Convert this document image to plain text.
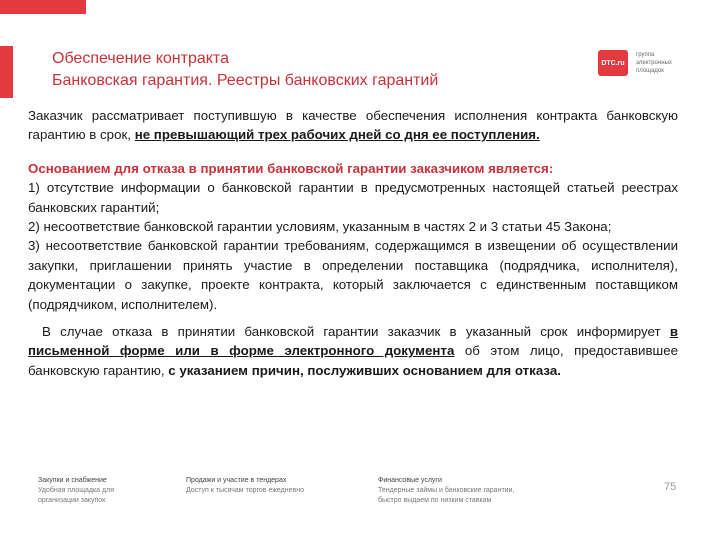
Обеспечение контракта
Банковская гарантия. Реестры банковских гарантий
DTC.ru
группа
электронных
площадок

Заказчик рассматривает поступившую в качестве обеспечения исполнения контракта банковскую гарантию в срок, не превышающий трех рабочих дней со дня ее поступления.

Основанием для отказа в принятии банковской гарантии заказчиком является:

1) отсутствие информации о банковской гарантии в предусмотренных настоящей статьей реестрах банковских гарантий;

2) несоответствие банковской гарантии условиям, указанным в частях 2 и 3 статьи 45 Закона;

3) несоответствие банковской гарантии требованиям, содержащимся в извещении об осуществлении закупки, приглашении принять участие в определении поставщика (подрядчика, исполнителя), документации о закупке, проекте контракта, который заключается с единственным поставщиком (подрядчиком, исполнителем).

В случае отказа в принятии банковской гарантии заказчик в указанный срок информирует в письменной форме или в форме электронного документа об этом лицо, предоставившее банковскую гарантию, с указанием причин, послуживших основанием для отказа.

Закупки и снабжение
Удобная площадка для
организации закупок
Продажи и участие в тендерах
Доступ к тысячам торгов ежедневно
Финансовые услуги
Тендерные займы и банковские гарантии,
быстро выдаем по низким ставкам
75
